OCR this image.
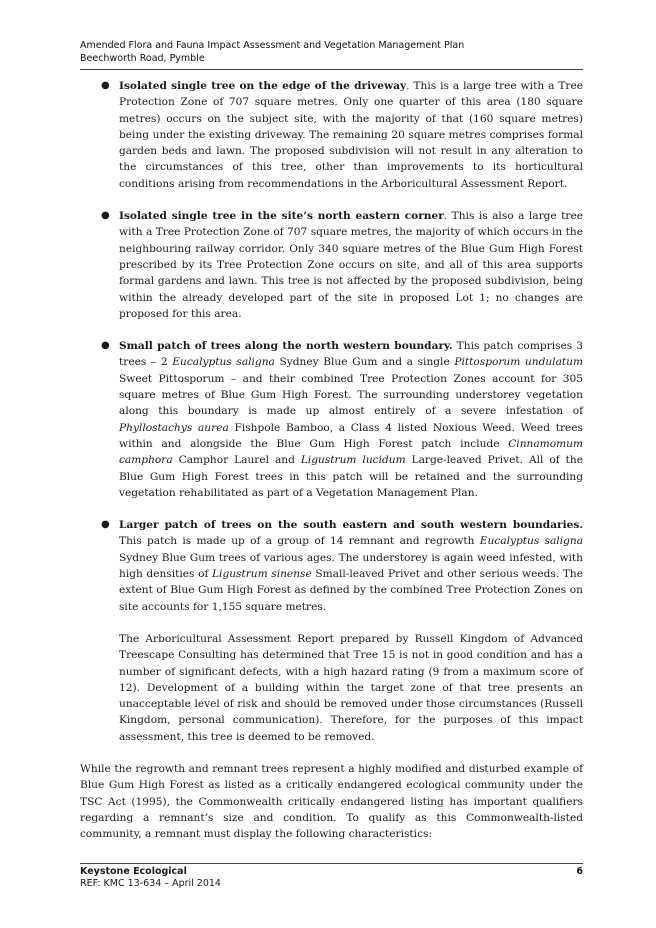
Amended Flora and Fauna Impact Assessment and Vegetation Management Plan
Beechworth Road, Pymble
● Isolated single tree on the edge of the driveway. This is a large tree with a Tree Protection Zone of 707 square metres. Only one quarter of this area (180 square metres) occurs on the subject site, with the majority of that (160 square metres) being under the existing driveway. The remaining 20 square metres comprises formal garden beds and lawn. The proposed subdivision will not result in any alteration to the circumstances of this tree, other than improvements to its horticultural conditions arising from recommendations in the Arboricultural Assessment Report.
● Isolated single tree in the site’s north eastern corner. This is also a large tree with a Tree Protection Zone of 707 square metres, the majority of which occurs in the neighbouring railway corridor. Only 340 square metres of the Blue Gum High Forest prescribed by its Tree Protection Zone occurs on site, and all of this area supports formal gardens and lawn. This tree is not affected by the proposed subdivision, being within the already developed part of the site in proposed Lot 1; no changes are proposed for this area.
● Small patch of trees along the north western boundary. This patch comprises 3 trees – 2 Eucalyptus saligna Sydney Blue Gum and a single Pittosporum undulatum Sweet Pittosporum – and their combined Tree Protection Zones account for 305 square metres of Blue Gum High Forest. The surrounding understorey vegetation along this boundary is made up almost entirely of a severe infestation of Phyllostachys aurea Fishpole Bamboo, a Class 4 listed Noxious Weed. Weed trees within and alongside the Blue Gum High Forest patch include Cinnamomum camphora Camphor Laurel and Ligustrum lucidum Large-leaved Privet. All of the Blue Gum High Forest trees in this patch will be retained and the surrounding vegetation rehabilitated as part of a Vegetation Management Plan.
● Larger patch of trees on the south eastern and south western boundaries. This patch is made up of a group of 14 remnant and regrowth Eucalyptus saligna Sydney Blue Gum trees of various ages. The understorey is again weed infested, with high densities of Ligustrum sinense Small-leaved Privet and other serious weeds. The extent of Blue Gum High Forest as defined by the combined Tree Protection Zones on site accounts for 1,155 square metres.

The Arboricultural Assessment Report prepared by Russell Kingdom of Advanced Treescape Consulting has determined that Tree 15 is not in good condition and has a number of significant defects, with a high hazard rating (9 from a maximum score of 12). Development of a building within the target zone of that tree presents an unacceptable level of risk and should be removed under those circumstances (Russell Kingdom, personal communication). Therefore, for the purposes of this impact assessment, this tree is deemed to be removed.

While the regrowth and remnant trees represent a highly modified and disturbed example of Blue Gum High Forest as listed as a critically endangered ecological community under the TSC Act (1995), the Commonwealth critically endangered listing has important qualifiers regarding a remnant’s size and condition. To qualify as this Commonwealth-listed community, a remnant must display the following characteristics:

Keystone Ecological
REF: KMC 13-634 – April 2014
6
